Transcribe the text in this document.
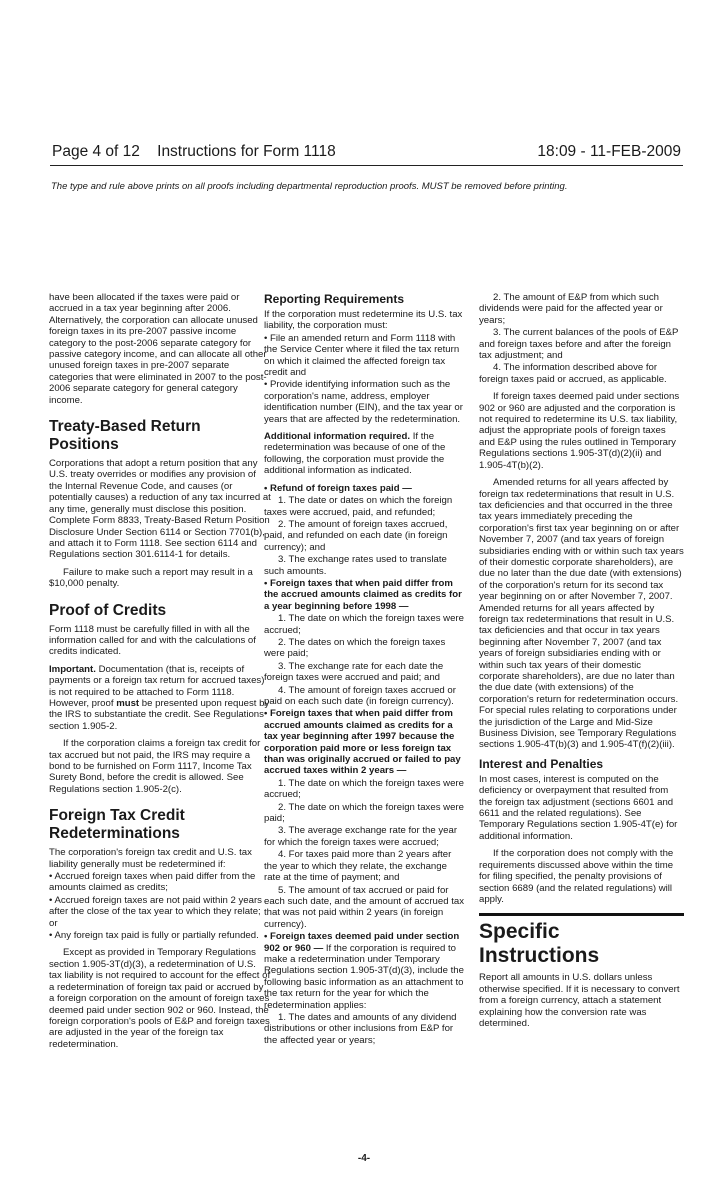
Page 4 of 12    Instructions for Form 1118	18:09 - 11-FEB-2009
The type and rule above prints on all proofs including departmental reproduction proofs. MUST be removed before printing.

have been allocated if the taxes were paid or accrued in a tax year beginning after 2006. Alternatively, the corporation can allocate unused foreign taxes in its pre-2007 passive income category to the post-2006 separate category for passive category income, and can allocate all other unused foreign taxes in pre-2007 separate categories that were eliminated in 2007 to the post-2006 separate category for general category income.

Treaty-Based Return Positions

Corporations that adopt a return position that any U.S. treaty overrides or modifies any provision of the Internal Revenue Code, and causes (or potentially causes) a reduction of any tax incurred at any time, generally must disclose this position. Complete Form 8833, Treaty-Based Return Position Disclosure Under Section 6114 or Section 7701(b), and attach it to Form 1118. See section 6114 and Regulations section 301.6114-1 for details.

Failure to make such a report may result in a $10,000 penalty.

Proof of Credits

Form 1118 must be carefully filled in with all the information called for and with the calculations of credits indicated.

Important. Documentation (that is, receipts of payments or a foreign tax return for accrued taxes) is not required to be attached to Form 1118. However, proof must be presented upon request by the IRS to substantiate the credit. See Regulations section 1.905-2.

If the corporation claims a foreign tax credit for tax accrued but not paid, the IRS may require a bond to be furnished on Form 1117, Income Tax Surety Bond, before the credit is allowed. See Regulations section 1.905-2(c).

Foreign Tax Credit Redeterminations

The corporation's foreign tax credit and U.S. tax liability generally must be redetermined if:

• Accrued foreign taxes when paid differ from the amounts claimed as credits;

• Accrued foreign taxes are not paid within 2 years after the close of the tax year to which they relate; or

• Any foreign tax paid is fully or partially refunded.

Except as provided in Temporary Regulations section 1.905-3T(d)(3), a redetermination of U.S. tax liability is not required to account for the effect of a redetermination of foreign tax paid or accrued by a foreign corporation on the amount of foreign taxes deemed paid under section 902 or 960. Instead, the foreign corporation's pools of E&P and foreign taxes are adjusted in the year of the foreign tax redetermination.

Reporting Requirements

If the corporation must redetermine its U.S. tax liability, the corporation must:

• File an amended return and Form 1118 with the Service Center where it filed the tax return on which it claimed the affected foreign tax credit and

• Provide identifying information such as the corporation's name, address, employer identification number (EIN), and the tax year or years that are affected by the redetermination.

Additional information required. If the redetermination was because of one of the following, the corporation must provide the additional information as indicated.

• Refund of foreign taxes paid —

1. The date or dates on which the foreign taxes were accrued, paid, and refunded;

2. The amount of foreign taxes accrued, paid, and refunded on each date (in foreign currency); and

3. The exchange rates used to translate such amounts.

• Foreign taxes that when paid differ from the accrued amounts claimed as credits for a year beginning before 1998 —

1. The date on which the foreign taxes were accrued;

2. The dates on which the foreign taxes were paid;

3. The exchange rate for each date the foreign taxes were accrued and paid; and

4. The amount of foreign taxes accrued or paid on each such date (in foreign currency).

• Foreign taxes that when paid differ from accrued amounts claimed as credits for a tax year beginning after 1997 because the corporation paid more or less foreign tax than was originally accrued or failed to pay accrued taxes within 2 years —

1. The date on which the foreign taxes were accrued;

2. The date on which the foreign taxes were paid;

3. The average exchange rate for the year for which the foreign taxes were accrued;

4. For taxes paid more than 2 years after the year to which they relate, the exchange rate at the time of payment; and

5. The amount of tax accrued or paid for each such date, and the amount of accrued tax that was not paid within 2 years (in foreign currency).

• Foreign taxes deemed paid under section 902 or 960 — If the corporation is required to make a redetermination under Temporary Regulations section 1.905-3T(d)(3), include the following basic information as an attachment to the tax return for the year for which the redetermination applies:

1. The dates and amounts of any dividend distributions or other inclusions from E&P for the affected year or years;

2. The amount of E&P from which such dividends were paid for the affected year or years;

3. The current balances of the pools of E&P and foreign taxes before and after the foreign tax adjustment; and

4. The information described above for foreign taxes paid or accrued, as applicable.

If foreign taxes deemed paid under sections 902 or 960 are adjusted and the corporation is not required to redetermine its U.S. tax liability, adjust the appropriate pools of foreign taxes and E&P using the rules outlined in Temporary Regulations sections 1.905-3T(d)(2)(ii) and 1.905-4T(b)(2).

Amended returns for all years affected by foreign tax redeterminations that result in U.S. tax deficiencies and that occurred in the three tax years immediately preceding the corporation's first tax year beginning on or after November 7, 2007 (and tax years of foreign subsidiaries ending with or within such tax years of their domestic corporate shareholders), are due no later than the due date (with extensions) of the corporation's return for its second tax year beginning on or after November 7, 2007. Amended returns for all years affected by foreign tax redeterminations that result in U.S. tax deficiencies and that occur in tax years beginning after November 7, 2007 (and tax years of foreign subsidiaries ending with or within such tax years of their domestic corporate shareholders), are due no later than the due date (with extensions) of the corporation's return for redetermination occurs. For special rules relating to corporations under the jurisdiction of the Large and Mid-Size Business Division, see Temporary Regulations sections 1.905-4T(b)(3) and 1.905-4T(f)(2)(iii).

Interest and Penalties

In most cases, interest is computed on the deficiency or overpayment that resulted from the foreign tax adjustment (sections 6601 and 6611 and the related regulations). See Temporary Regulations section 1.905-4T(e) for additional information.

If the corporation does not comply with the requirements discussed above within the time for filing specified, the penalty provisions of section 6689 (and the related regulations) will apply.

Specific Instructions

Report all amounts in U.S. dollars unless otherwise specified. If it is necessary to convert from a foreign currency, attach a statement explaining how the conversion rate was determined.

-4-
